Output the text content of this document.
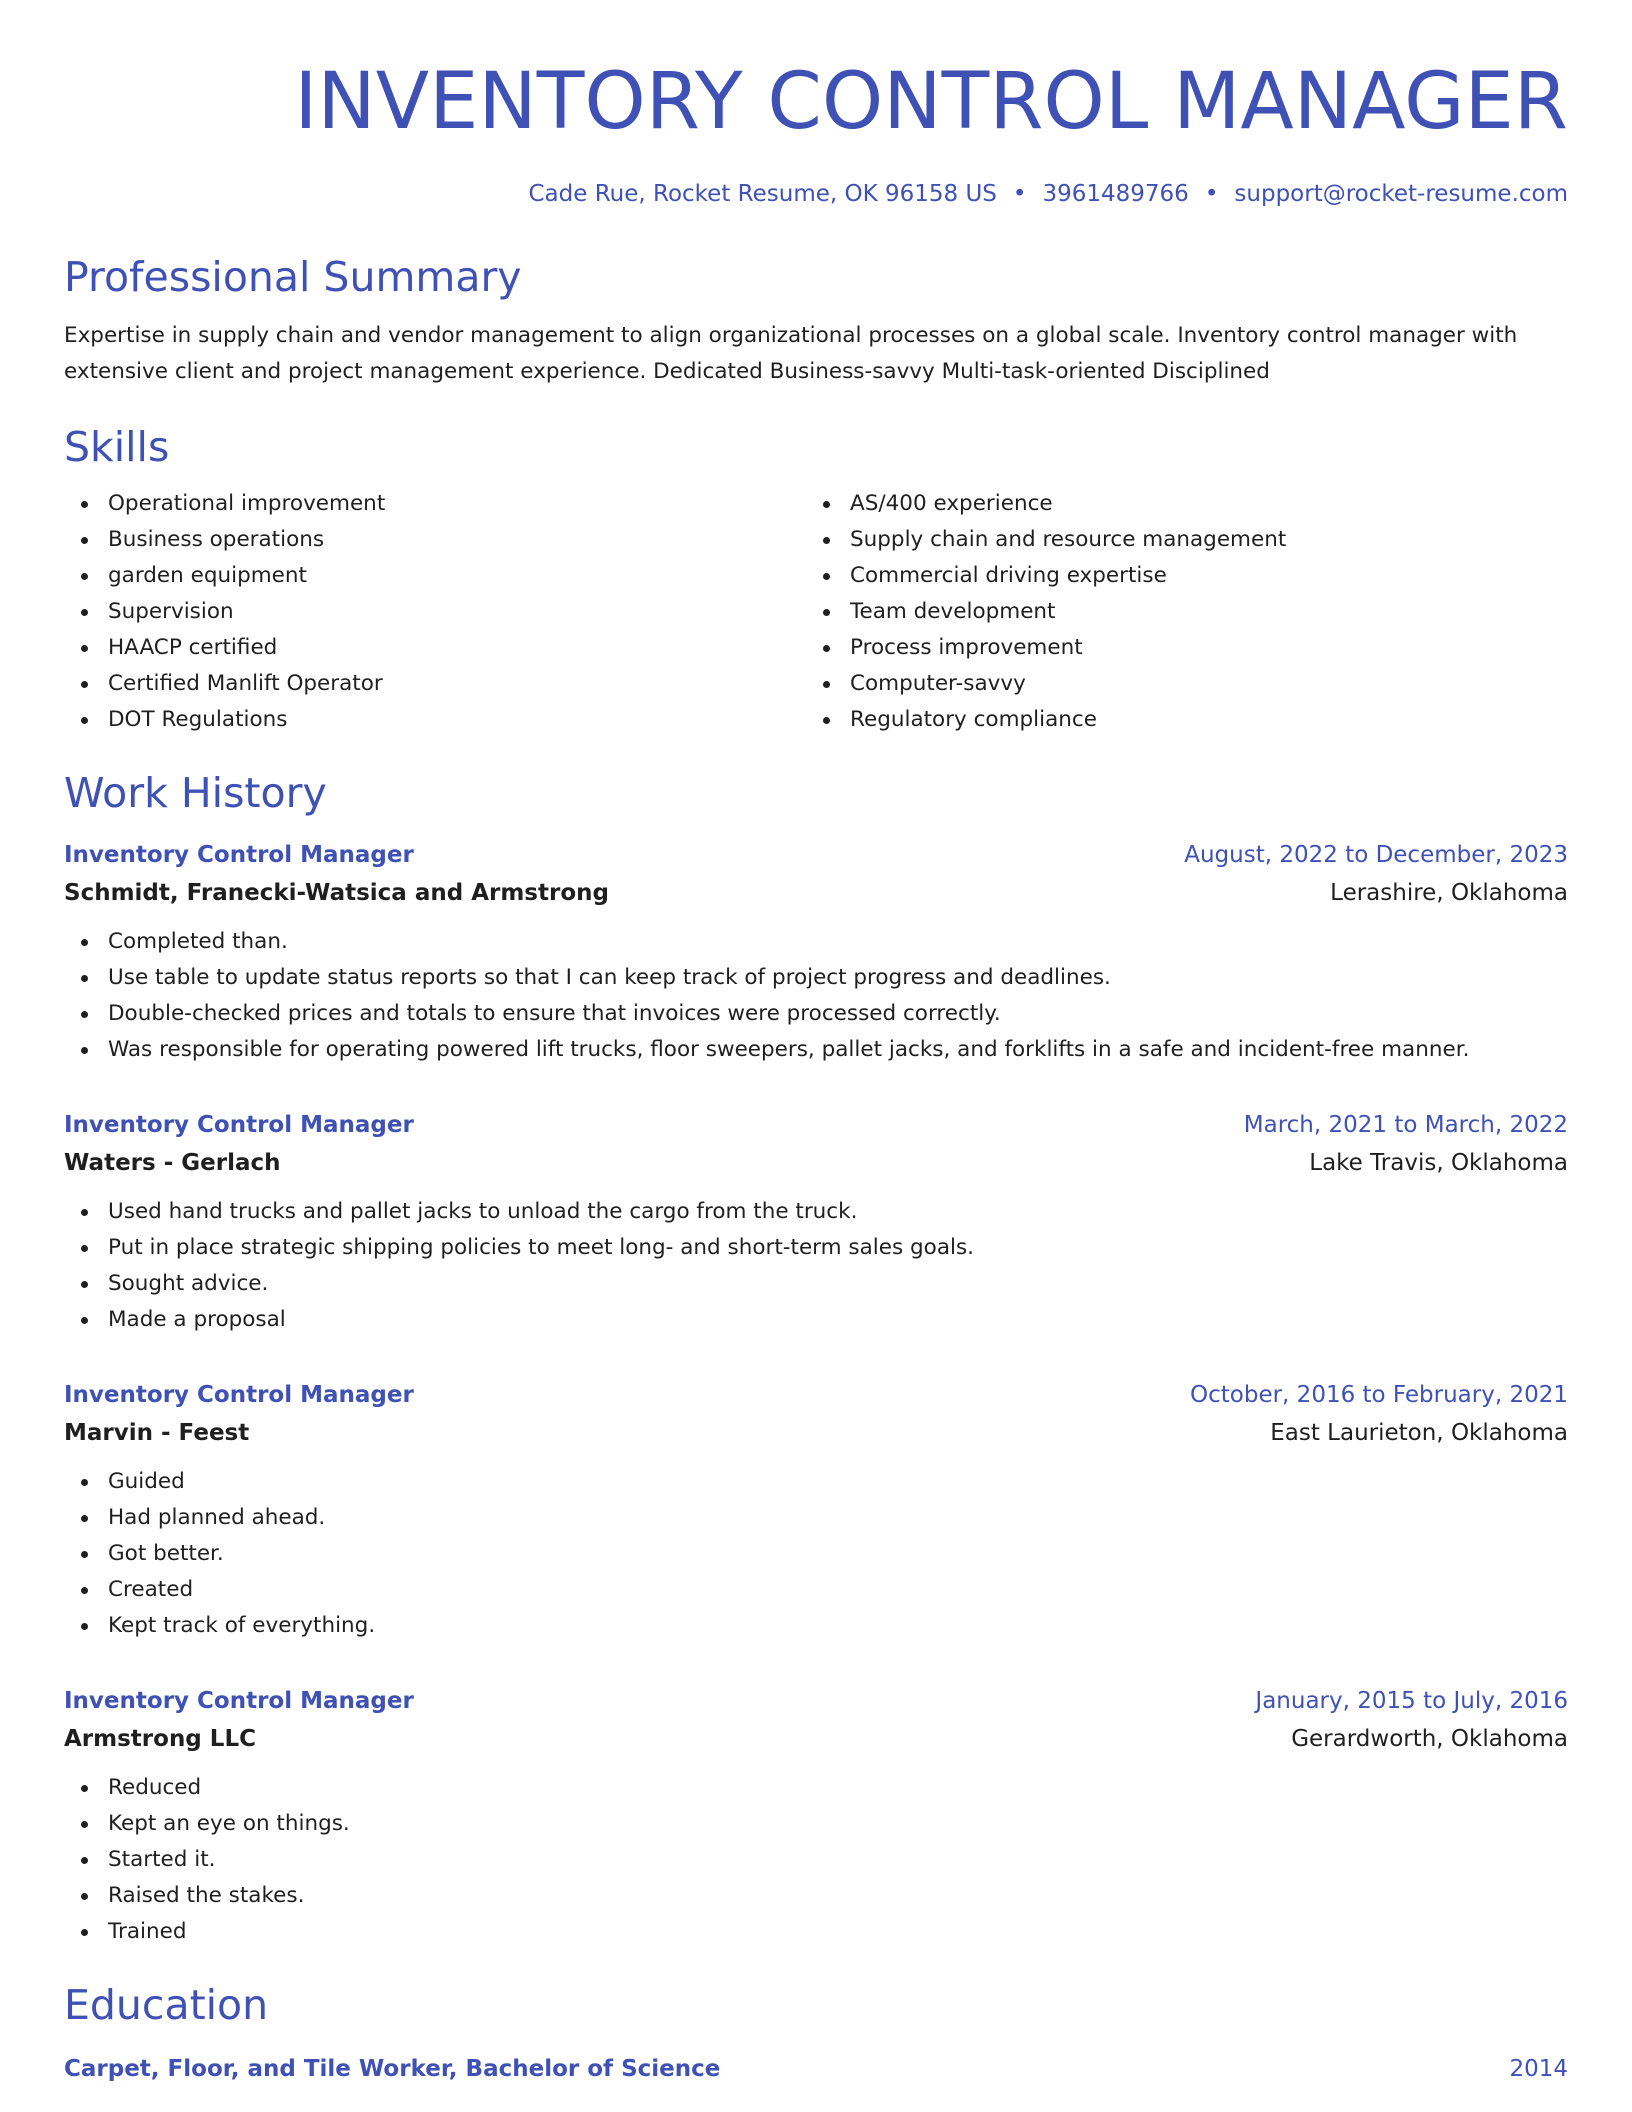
INVENTORY CONTROL MANAGER
Cade Rue, Rocket Resume, OK 96158 US • 3961489766 • support@rocket-resume.com
Professional Summary
Expertise in supply chain and vendor management to align organizational processes on a global scale. Inventory control manager with extensive client and project management experience. Dedicated Business-savvy Multi-task-oriented Disciplined
Skills
Operational improvement
Business operations
garden equipment
Supervision
HAACP certified
Certified Manlift Operator
DOT Regulations
AS/400 experience
Supply chain and resource management
Commercial driving expertise
Team development
Process improvement
Computer-savvy
Regulatory compliance
Work History
Inventory Control Manager	August, 2022 to December, 2023
Schmidt, Franecki-Watsica and Armstrong	Lerashire, Oklahoma
Completed than.
Use table to update status reports so that I can keep track of project progress and deadlines.
Double-checked prices and totals to ensure that invoices were processed correctly.
Was responsible for operating powered lift trucks, floor sweepers, pallet jacks, and forklifts in a safe and incident-free manner.
Inventory Control Manager	March, 2021 to March, 2022
Waters - Gerlach	Lake Travis, Oklahoma
Used hand trucks and pallet jacks to unload the cargo from the truck.
Put in place strategic shipping policies to meet long- and short-term sales goals.
Sought advice.
Made a proposal
Inventory Control Manager	October, 2016 to February, 2021
Marvin - Feest	East Laurieton, Oklahoma
Guided
Had planned ahead.
Got better.
Created
Kept track of everything.
Inventory Control Manager	January, 2015 to July, 2016
Armstrong LLC	Gerardworth, Oklahoma
Reduced
Kept an eye on things.
Started it.
Raised the stakes.
Trained
Education
Carpet, Floor, and Tile Worker, Bachelor of Science	2014
